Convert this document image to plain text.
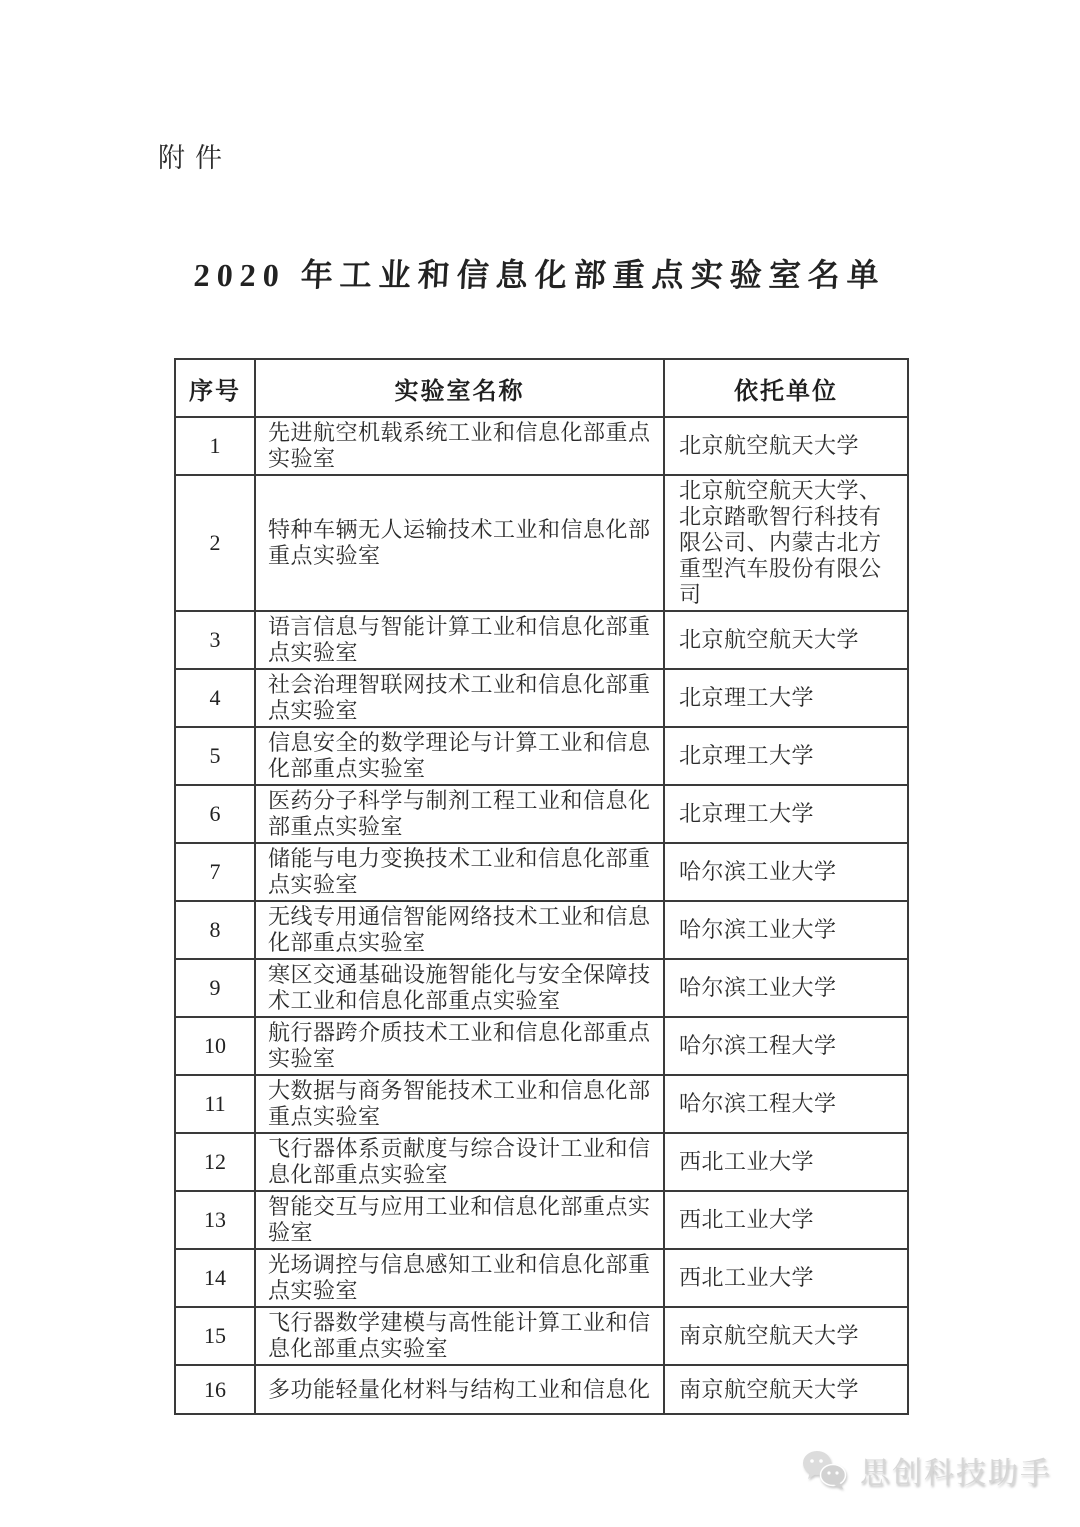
附件
2020 年工业和信息化部重点实验室名单
序号	实验室名称	依托单位
1	先进航空机载系统工业和信息化部重点实验室	北京航空航天大学
2	特种车辆无人运输技术工业和信息化部重点实验室	北京航空航天大学、北京踏歌智行科技有限公司、内蒙古北方重型汽车股份有限公司
3	语言信息与智能计算工业和信息化部重点实验室	北京航空航天大学
4	社会治理智联网技术工业和信息化部重点实验室	北京理工大学
5	信息安全的数学理论与计算工业和信息化部重点实验室	北京理工大学
6	医药分子科学与制剂工程工业和信息化部重点实验室	北京理工大学
7	储能与电力变换技术工业和信息化部重点实验室	哈尔滨工业大学
8	无线专用通信智能网络技术工业和信息化部重点实验室	哈尔滨工业大学
9	寒区交通基础设施智能化与安全保障技术工业和信息化部重点实验室	哈尔滨工业大学
10	航行器跨介质技术工业和信息化部重点实验室	哈尔滨工程大学
11	大数据与商务智能技术工业和信息化部重点实验室	哈尔滨工程大学
12	飞行器体系贡献度与综合设计工业和信息化部重点实验室	西北工业大学
13	智能交互与应用工业和信息化部重点实验室	西北工业大学
14	光场调控与信息感知工业和信息化部重点实验室	西北工业大学
15	飞行器数学建模与高性能计算工业和信息化部重点实验室	南京航空航天大学
16	多功能轻量化材料与结构工业和信息化	南京航空航天大学
思创科技助手
